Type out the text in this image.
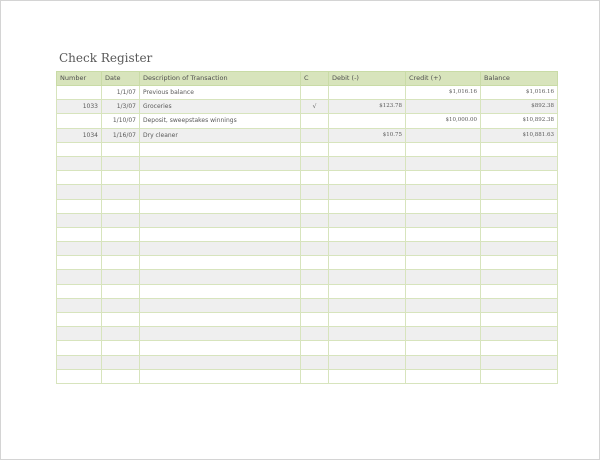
Check Register
Number	Date	Description of Transaction	C	Debit (-)	Credit (+)	Balance
	1/1/07	Previous balance			$1,016.16	$1,016.16
1033	1/3/07	Groceries	√	$123.78		$892.38
	1/10/07	Deposit, sweepstakes winnings			$10,000.00	$10,892.38
1034	1/16/07	Dry cleaner		$10.75		$10,881.63
